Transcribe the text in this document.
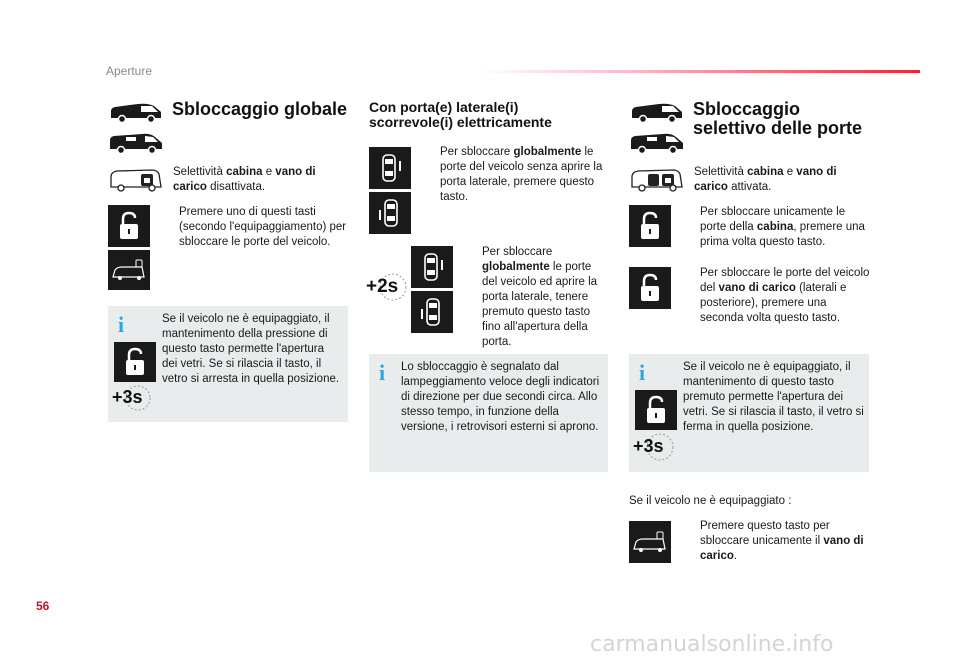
Aperture
Sbloccaggio globale
Selettività cabina e vano di carico disattivata.
Premere uno di questi tasti (secondo l'equipaggiamento) per sbloccare le porte del veicolo.
i
+3s
Se il veicolo ne è equipaggiato, il mantenimento della pressione di questo tasto permette l'apertura dei vetri. Se si rilascia il tasto, il vetro si arresta in quella posizione.
Con porta(e) laterale(i)
scorrevole(i) elettricamente
Per sbloccare globalmente le porte del veicolo senza aprire la porta laterale, premere questo tasto.
+2s
Per sbloccare globalmente le porte del veicolo ed aprire la porta laterale, tenere premuto questo tasto fino all'apertura della porta.
i Lo sbloccaggio è segnalato dal lampeggiamento veloce degli indicatori di direzione per due secondi circa. Allo stesso tempo, in funzione della versione, i retrovisori esterni si aprono.
Sbloccaggio
selettivo delle porte
Selettività cabina e vano di carico attivata.
Per sbloccare unicamente le porte della cabina, premere una prima volta questo tasto.
Per sbloccare le porte del veicolo del vano di carico (laterali e posteriore), premere una seconda volta questo tasto.
i
+3s
Se il veicolo ne è equipaggiato, il mantenimento di questo tasto premuto permette l'apertura dei vetri. Se si rilascia il tasto, il vetro si ferma in quella posizione.
Se il veicolo ne è equipaggiato :
Premere questo tasto per sbloccare unicamente il vano di carico.
56
carmanualsonline.info
